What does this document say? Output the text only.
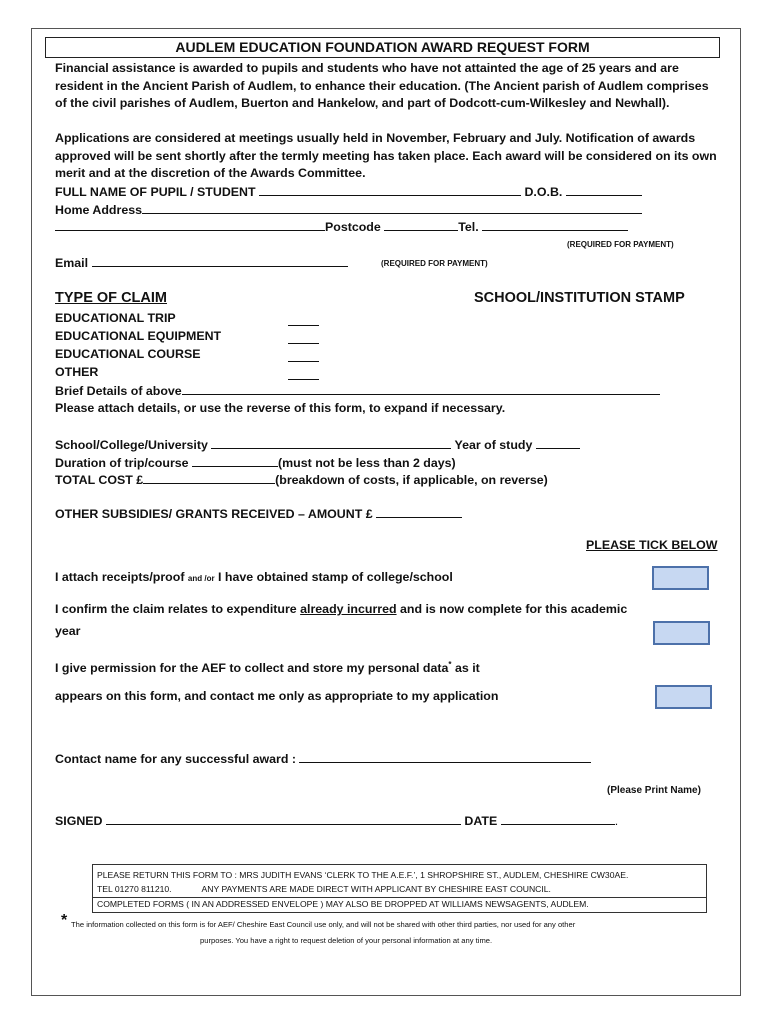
AUDLEM EDUCATION FOUNDATION AWARD REQUEST FORM
Financial assistance is awarded to pupils and students who have not attainted the age of 25 years and are resident in the Ancient Parish of Audlem, to enhance their education. (The Ancient parish of Audlem comprises of the civil parishes of Audlem, Buerton and Hankelow, and part of Dodcott-cum-Wilkesley and Newhall).
Applications are considered at meetings usually held in November, February and July. Notification of awards approved will be sent shortly after the termly meeting has taken place. Each award will be considered on its own merit and at the discretion of the Awards Committee.
FULL NAME OF PUPIL / STUDENT	D.O.B.
Home Address
Postcode	Tel.
(REQUIRED FOR PAYMENT)
Email	(REQUIRED FOR PAYMENT)
TYPE OF CLAIM	SCHOOL/INSTITUTION STAMP
EDUCATIONAL TRIP
EDUCATIONAL EQUIPMENT
EDUCATIONAL COURSE
OTHER
Brief Details of above
Please attach details, or use the reverse of this form, to expand if necessary.
School/College/University	Year of study
Duration of trip/course	(must not be less than 2 days)
TOTAL COST £	(breakdown of costs, if applicable, on reverse)
OTHER SUBSIDIES/ GRANTS RECEIVED – AMOUNT £
PLEASE TICK BELOW
I attach receipts/proof and /or I have obtained stamp of college/school
I confirm the claim relates to expenditure already incurred and is now complete for this academic
year
I give permission for the AEF to collect and store my personal data* as it
appears on this form, and contact me only as appropriate to my application
Contact name for any successful award :
(Please Print Name)
SIGNED	DATE	.
PLEASE RETURN THIS FORM TO : MRS JUDITH EVANS ‘CLERK TO THE A.E.F.’, 1 SHROPSHIRE ST., AUDLEM, CHESHIRE CW30AE.
TEL 01270 811210.	ANY PAYMENTS ARE MADE DIRECT WITH APPLICANT BY CHESHIRE EAST COUNCIL.
COMPLETED FORMS ( IN AN ADDRESSED ENVELOPE ) MAY ALSO BE DROPPED AT WILLIAMS NEWSAGENTS, AUDLEM.
* The information collected on this form is for AEF/ Cheshire East Council use only, and will not be shared with other third parties, nor used for any other
purposes. You have a right to request deletion of your personal information at any time.
